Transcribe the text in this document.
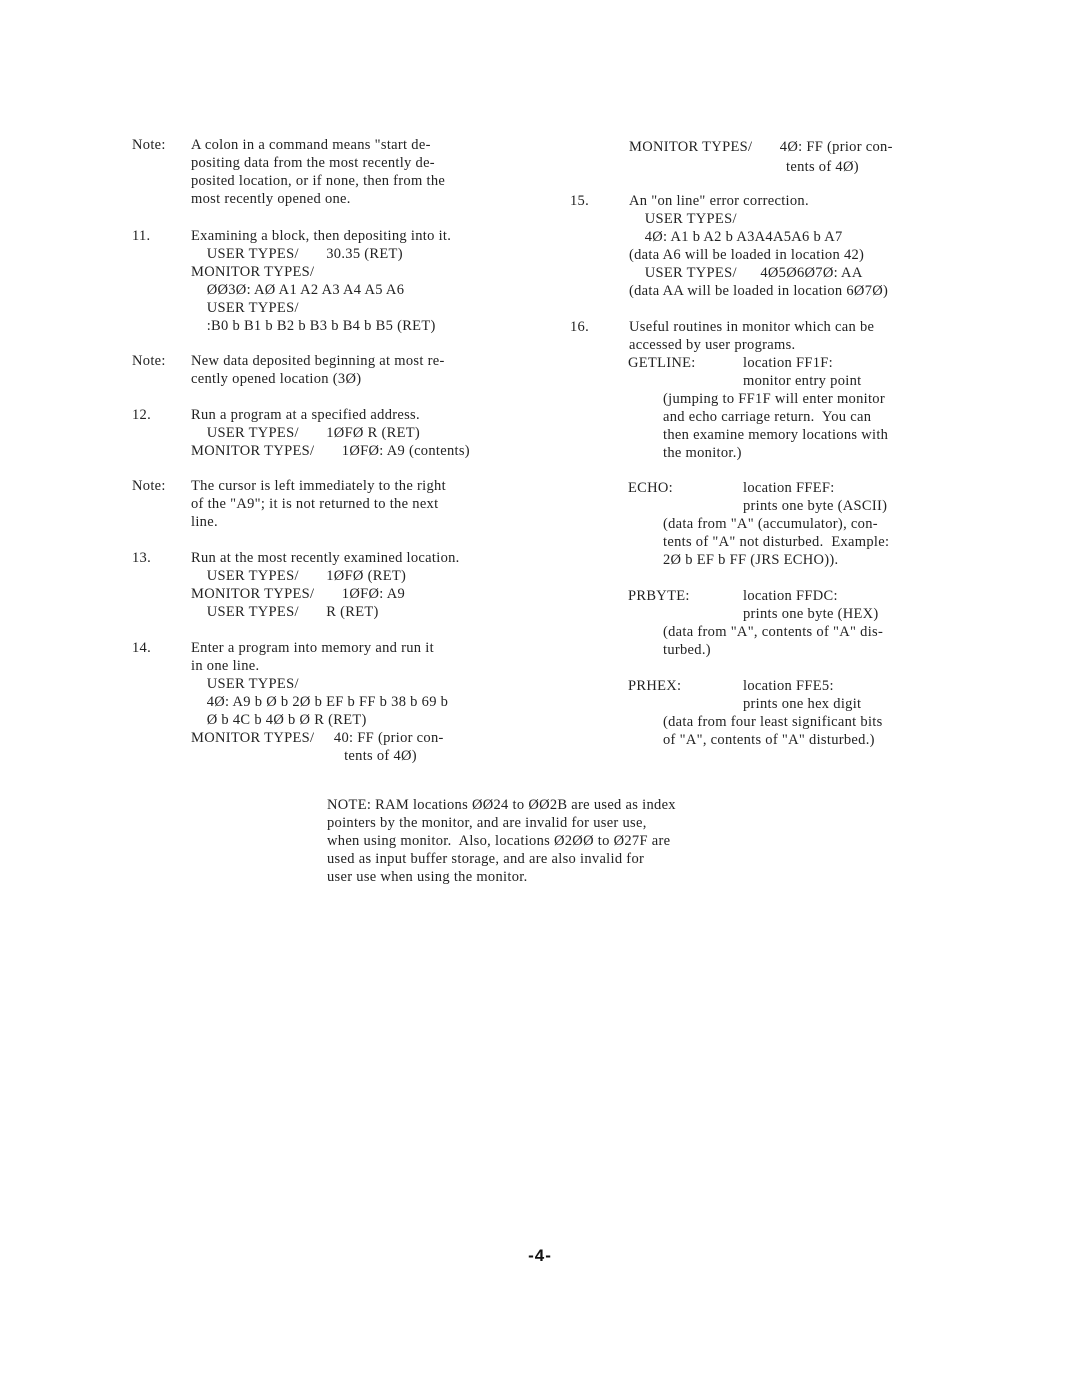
Note: A colon in a command means "start de-
positing data from the most recently de-
posited location, or if none, then from the
most recently opened one.
11.	Examining a block, then depositing into it.
USER TYPES/       30.35 (RET)
MONITOR TYPES/
ØØ3Ø: AØ A1 A2 A3 A4 A5 A6
USER TYPES/
:B0 b B1 b B2 b B3 b B4 b B5 (RET)
Note: New data deposited beginning at most re-
cently opened location (3Ø)
12.	Run a program at a specified address.
USER TYPES/       1ØFØ R (RET)
MONITOR TYPES/       1ØFØ: A9 (contents)
Note: The cursor is left immediately to the right
of the "A9"; it is not returned to the next
line.
13.	Run at the most recently examined location.
USER TYPES/       1ØFØ (RET)
MONITOR TYPES/       1ØFØ: A9
USER TYPES/       R (RET)
14.	Enter a program into memory and run it
in one line.
USER TYPES/
4Ø: A9 b Ø b 2Ø b EF b FF b 38 b 69 b
Ø b 4C b 4Ø b Ø R (RET)
MONITOR TYPES/     40: FF (prior con-
tents of 4Ø)
MONITOR TYPES/       4Ø: FF (prior con-
tents of 4Ø)
15.	An "on line" error correction.
USER TYPES/
4Ø: A1 b A2 b A3A4A5A6 b A7
(data A6 will be loaded in location 42)
USER TYPES/      4Ø5Ø6Ø7Ø: AA
(data AA will be loaded in location 6Ø7Ø)
16.	Useful routines in monitor which can be
accessed by user programs.
GETLINE:	location FF1F:
monitor entry point
(jumping to FF1F will enter monitor
and echo carriage return.  You can
then examine memory locations with
the monitor.)
ECHO:	location FFEF:
prints one byte (ASCII)
(data from "A" (accumulator), con-
tents of "A" not disturbed.  Example:
2Ø b EF b FF (JRS ECHO)).
PRBYTE:	location FFDC:
prints one byte (HEX)
(data from "A", contents of "A" dis-
turbed.)
PRHEX:	location FFE5:
prints one hex digit
(data from four least significant bits
of "A", contents of "A" disturbed.)
NOTE: RAM locations ØØ24 to ØØ2B are used as index
pointers by the monitor, and are invalid for user use,
when using monitor.  Also, locations Ø2ØØ to Ø27F are
used as input buffer storage, and are also invalid for
user use when using the monitor.
-4-
